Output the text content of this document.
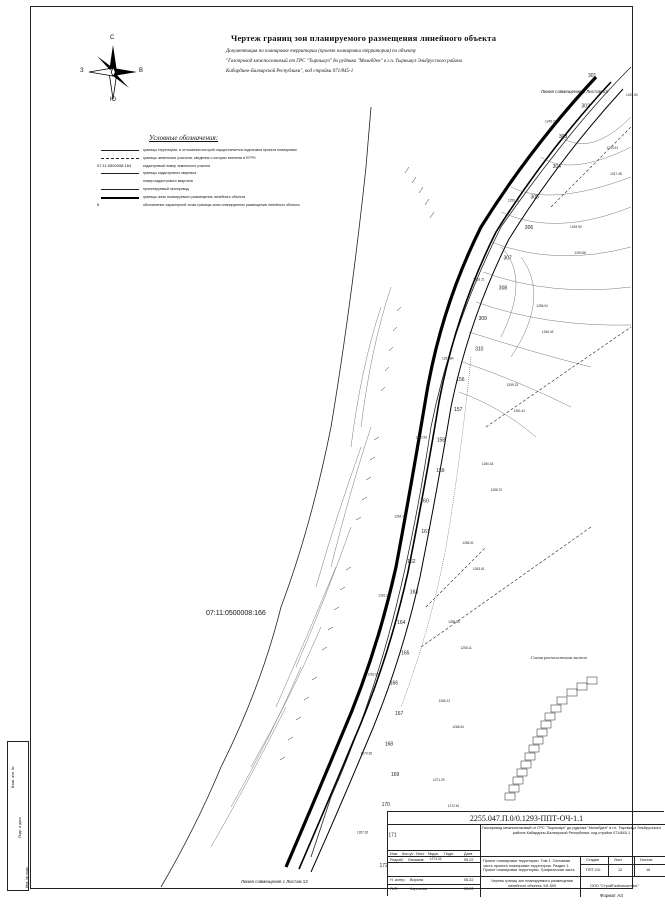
301
302
303
304
305
306
307
308
309
310
156
157
158
159
160
161
162
163
164
165
166
167
168
169
170
171
172
1245.53
1245.27
1243.91
1247.48
1250.11
1249.90
1250.58
1253.21
1255.04
1256.43
1257.84
1259.23
1261.41
1262.93
1260.18
1258.70
1264.79
1265.31
1263.61
1261.25
1258.54
1255.11
1252.66
1266.12
1268.44
1270.35
1271.29
1272.61
1267.32
1274.03
Чертеж границ зон планируемого размещения линейного объекта
Документация по планировке территории (проект планировки территории) по объекту
"Газопровод межпоселковый от ГРС "Тырныауз" до рудника "Молибден" в г.п. Тырныауз Эльбрусского района
Кабардино-Балкарской Республики", код стройки 071/845-1
С
Ю
З	В
Условные обозначения:
границы территории, в отношении которой осуществляется подготовка проекта планировки
границы земельных участков, сведения о которых внесены в ЕГРН
07:11:0500008:164	кадастровый номер земельного участка
границы кадастрового квартала
номер кадастрового квартала
проектируемый газопровод
границы зоны планируемого размещения линейного объекта
8	обозначение характерной точки границы зоны планируемого размещения линейного объекта
Линия совмещения с Листом 12
Линия совмещения с Листом 13
07:11:0500008:166
Схема расположения листов
2255.047.П.0/0.1293-ППТ-ОЧ-1.1
Газопровод межпоселковый от ГРС "Тырныауз" до рудника "Молибден" в г.п. Тырныауз Эльбрусского района Кабардино-Балкарской Республики, код стройки 071/845-1
Изм. Кол.уч Лист №док. Подп.	Дата
Разраб. Ланшков	05.22 Проект планировки территории. Том 1. Основная часть проекта планировки территории. Раздел 1. Проект планировки территории. Графическая часть
Стадия	Лист	Листов
ППТ-ОЧ	12	16
Н. контр. Ворона	05.22
ГИП	Корнилов	05.22
Чертеж границ зон планируемого размещения линейного объекта. М1:500	ООО "СтройГазКонсалтинг"
Взам. инв. №
Подп. и дата
Инв. № подл.
Формат А3
